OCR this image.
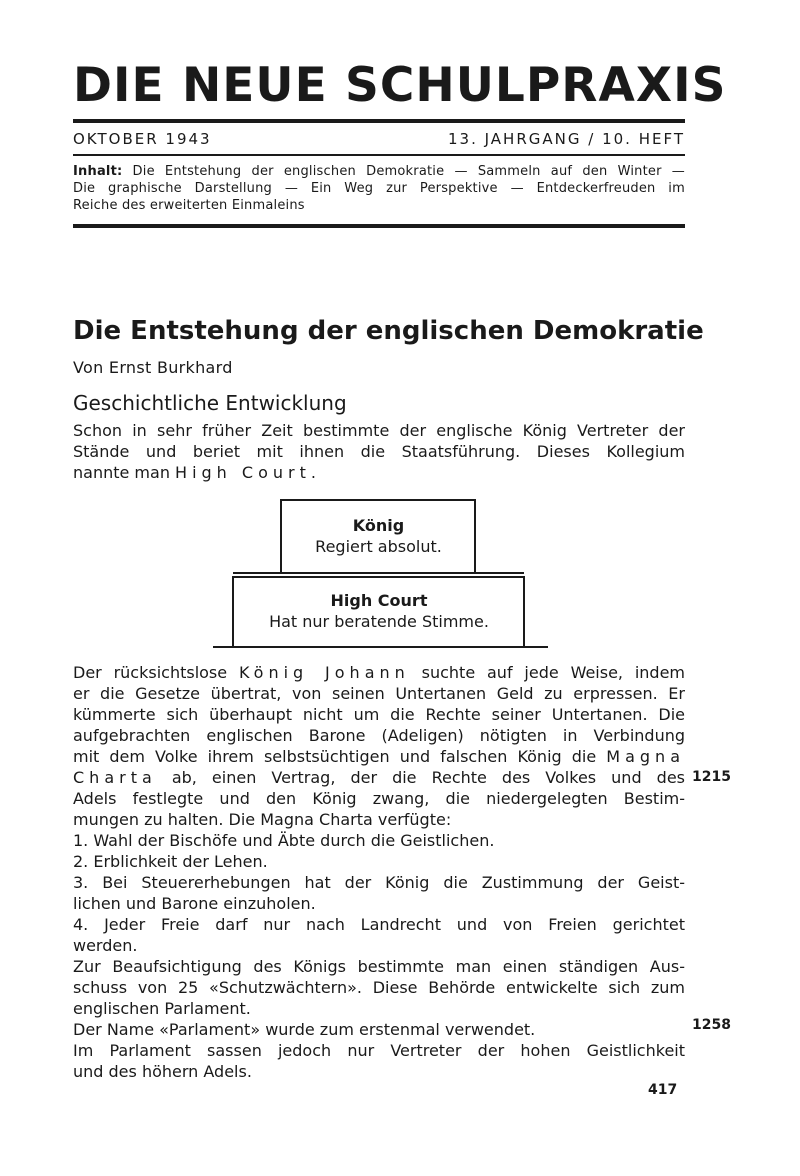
DIE NEUE SCHULPRAXIS
OKTOBER 1943	13. JAHRGANG / 10. HEFT
Inhalt: Die Entstehung der englischen Demokratie — Sammeln auf den Winter —
Die graphische Darstellung — Ein Weg zur Perspektive — Entdeckerfreuden im
Reiche des erweiterten Einmaleins
Die Entstehung der englischen Demokratie
Von Ernst Burkhard
Geschichtliche Entwicklung
Schon in sehr früher Zeit bestimmte der englische König Vertreter der
Stände und beriet mit ihnen die Staatsführung. Dieses Kollegium
nannte man High Court.
König
Regiert absolut.
High Court
Hat nur beratende Stimme.
Der rücksichtslose König Johann suchte auf jede Weise, indem
er die Gesetze übertrat, von seinen Untertanen Geld zu erpressen. Er
kümmerte sich überhaupt nicht um die Rechte seiner Untertanen. Die
aufgebrachten englischen Barone (Adeligen) nötigten in Verbindung
mit dem Volke ihrem selbstsüchtigen und falschen König die Magna
Charta ab, einen Vertrag, der die Rechte des Volkes und des
Adels festlegte und den König zwang, die niedergelegten Bestim-
mungen zu halten. Die Magna Charta verfügte:
1. Wahl der Bischöfe und Äbte durch die Geistlichen.
2. Erblichkeit der Lehen.
3. Bei Steuererhebungen hat der König die Zustimmung der Geist-
lichen und Barone einzuholen.
4. Jeder Freie darf nur nach Landrecht und von Freien gerichtet
werden.
Zur Beaufsichtigung des Königs bestimmte man einen ständigen Aus-
schuss von 25 «Schutzwächtern». Diese Behörde entwickelte sich zum
englischen Parlament.
Der Name «Parlament» wurde zum erstenmal verwendet.
Im Parlament sassen jedoch nur Vertreter der hohen Geistlichkeit
und des höhern Adels.
1215
1258
417
